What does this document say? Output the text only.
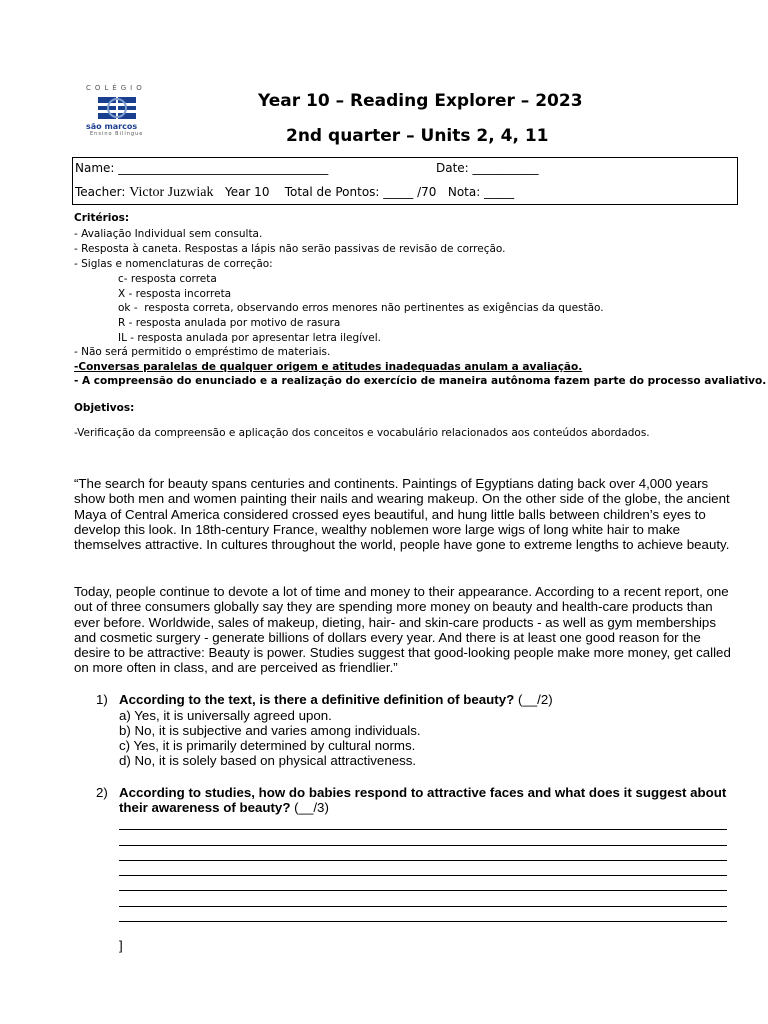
COLÉGIO
são marcos
Ensino Bilíngue
Year 10 – Reading Explorer – 2023
2nd quarter – Units 2, 4, 11
Name: ___________________________________	Date: ___________
Teacher: Victor Juzwiak   Year 10    Total de Pontos: _____ /70   Nota: _____
Critérios:
- Avaliação Individual sem consulta.
- Resposta à caneta. Respostas a lápis não serão passivas de revisão de correção.
- Siglas e nomenclaturas de correção:
c- resposta correta
X - resposta incorreta
ok -  resposta correta, observando erros menores não pertinentes as exigências da questão.
R - resposta anulada por motivo de rasura
IL - resposta anulada por apresentar letra ilegível.
- Não será permitido o empréstimo de materiais.
-Conversas paralelas de qualquer origem e atitudes inadequadas anulam a avaliação.
- A compreensão do enunciado e a realização do exercício de maneira autônoma fazem parte do processo avaliativo.
Objetivos:
-Verificação da compreensão e aplicação dos conceitos e vocabulário relacionados aos conteúdos abordados.
“The search for beauty spans centuries and continents. Paintings of Egyptians dating back over 4,000 years show both men and women painting their nails and wearing makeup. On the other side of the globe, the ancient Maya of Central America considered crossed eyes beautiful, and hung little balls between children’s eyes to develop this look. In 18th-century France, wealthy noblemen wore large wigs of long white hair to make themselves attractive. In cultures throughout the world, people have gone to extreme lengths to achieve beauty.
Today, people continue to devote a lot of time and money to their appearance. According to a recent report, one out of three consumers globally say they are spending more money on beauty and health-care products than ever before. Worldwide, sales of makeup, dieting, hair- and skin-care products - as well as gym memberships and cosmetic surgery - generate billions of dollars every year. And there is at least one good reason for the desire to be attractive: Beauty is power. Studies suggest that good-looking people make more money, get called on more often in class, and are perceived as friendlier.”
1) According to the text, is there a definitive definition of beauty? (__/2)
a) Yes, it is universally agreed upon.
b) No, it is subjective and varies among individuals.
c) Yes, it is primarily determined by cultural norms.
d) No, it is solely based on physical attractiveness.
2) According to studies, how do babies respond to attractive faces and what does it suggest about their awareness of beauty? (__/3)
]
